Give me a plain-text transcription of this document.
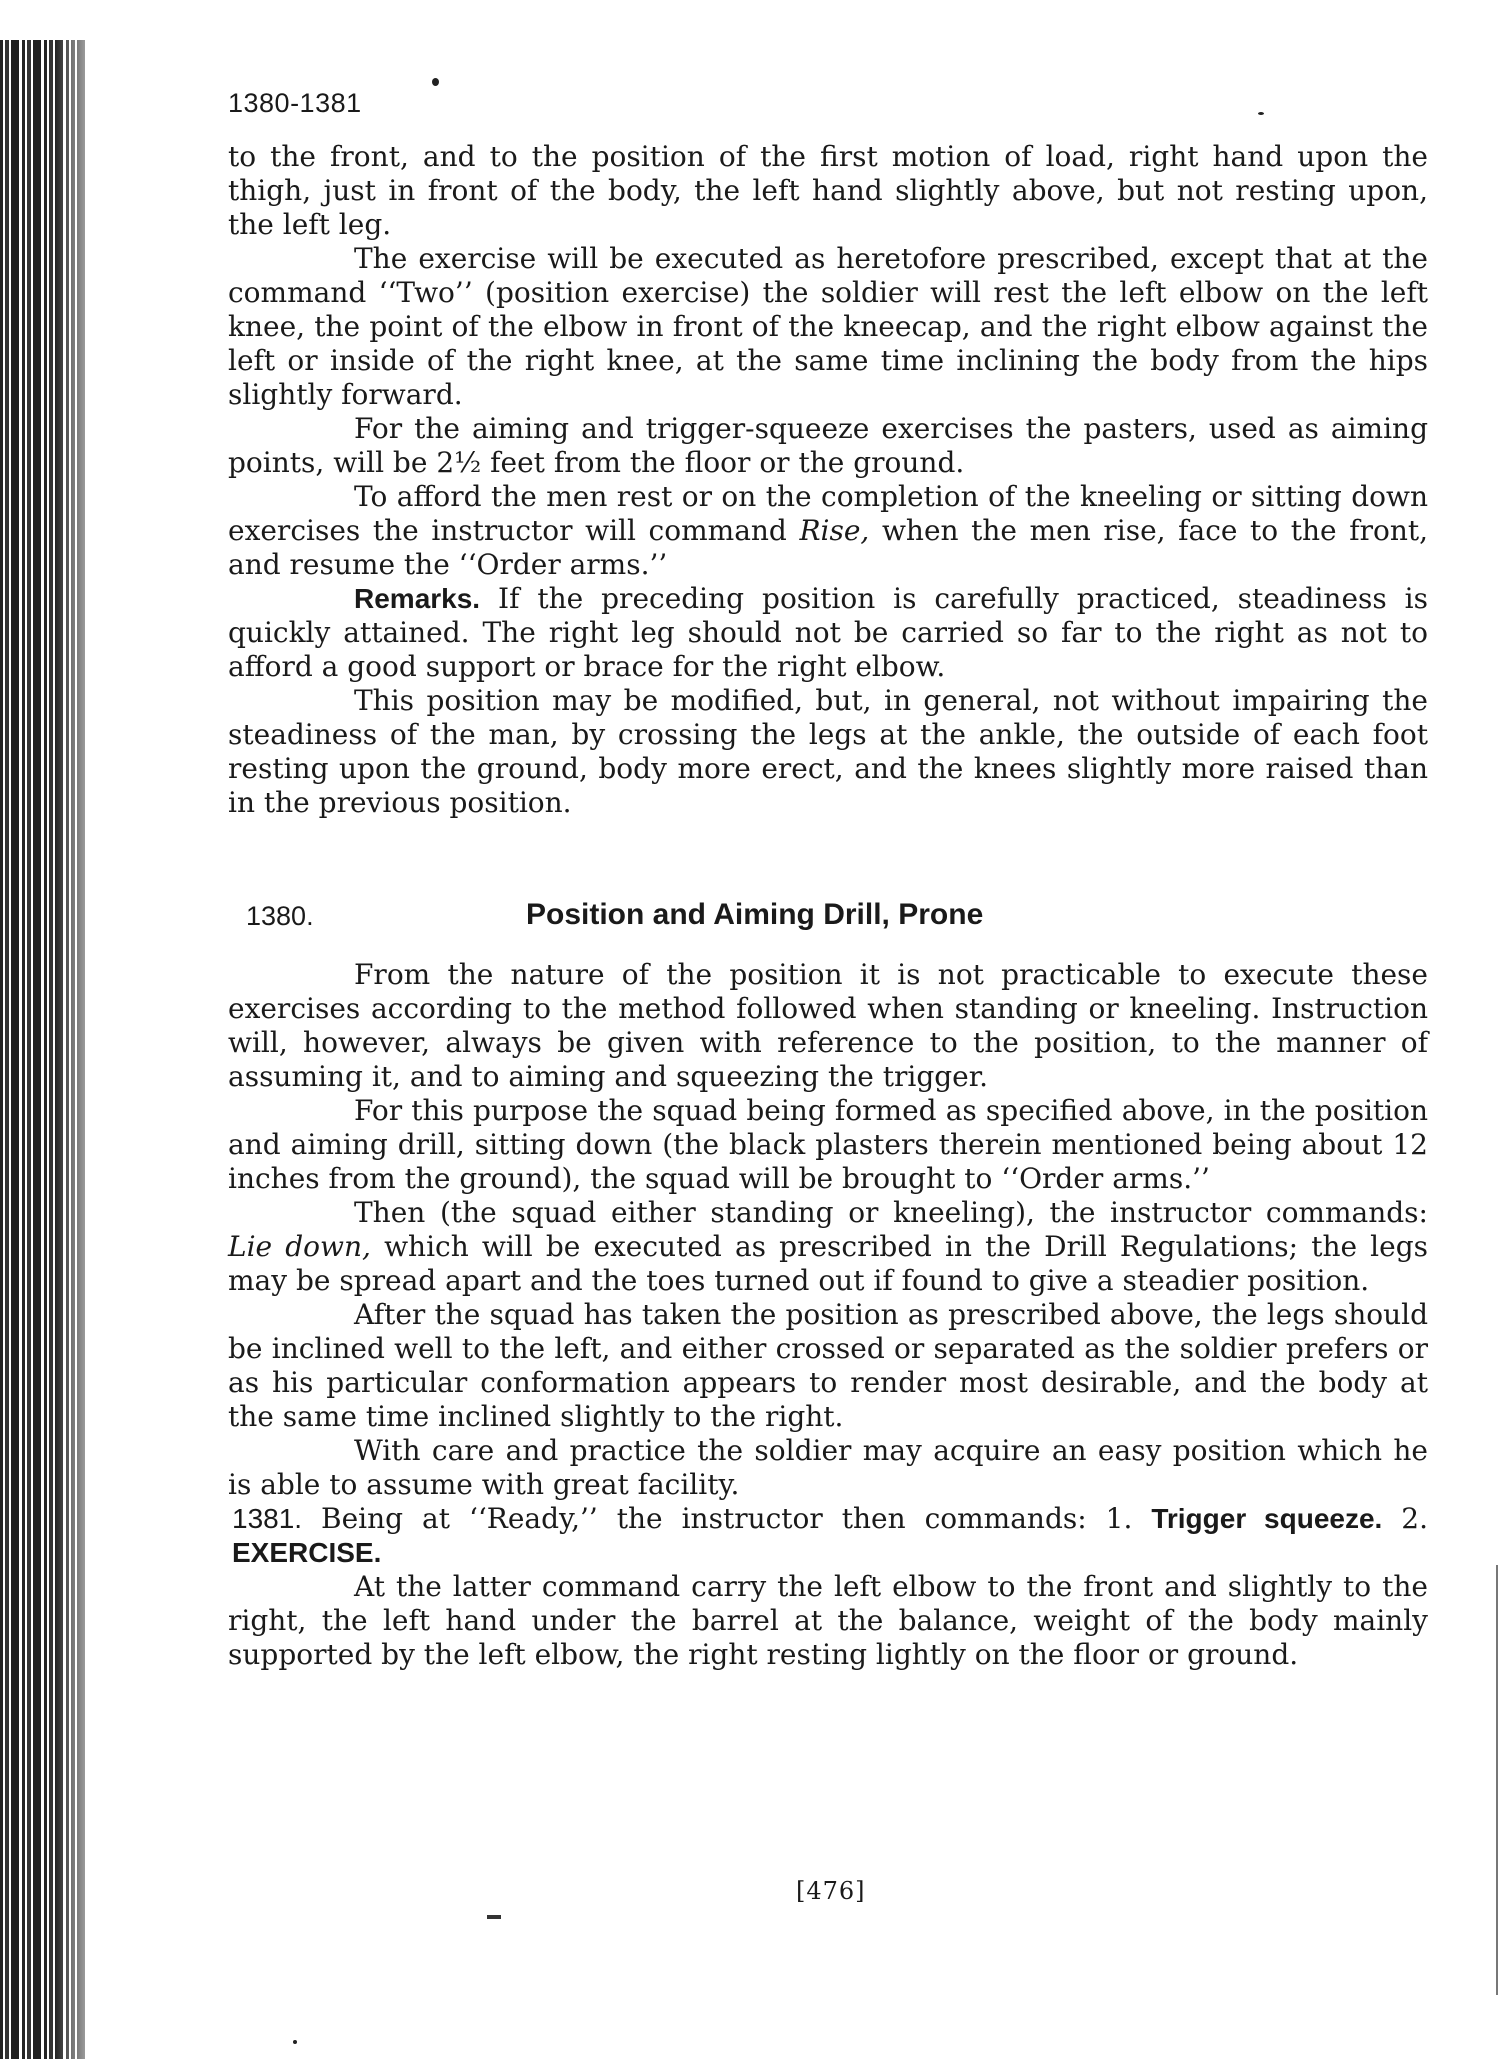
1380-1381

to the front, and to the position of the first motion of load, right hand upon the thigh, just in front of the body, the left hand slightly above, but not resting upon, the left leg.

The exercise will be executed as heretofore prescribed, except that at the command ‘‘Two’’ (position exercise) the soldier will rest the left elbow on the left knee, the point of the elbow in front of the kneecap, and the right elbow against the left or inside of the right knee, at the same time inclining the body from the hips slightly forward.

For the aiming and trigger-squeeze exercises the pasters, used as aiming points, will be 2½ feet from the floor or the ground.

To afford the men rest or on the completion of the kneeling or sitting down exercises the instructor will command Rise, when the men rise, face to the front, and resume the ‘‘Order arms.’’

Remarks. If the preceding position is carefully practiced, steadiness is quickly attained. The right leg should not be carried so far to the right as not to afford a good support or brace for the right elbow.

This position may be modified, but, in general, not without impairing the steadiness of the man, by crossing the legs at the ankle, the outside of each foot resting upon the ground, body more erect, and the knees slightly more raised than in the previous position.

1380.	Position and Aiming Drill, Prone

From the nature of the position it is not practicable to execute these exercises according to the method followed when standing or kneeling. Instruction will, however, always be given with reference to the position, to the manner of assuming it, and to aiming and squeezing the trigger.

For this purpose the squad being formed as specified above, in the position and aiming drill, sitting down (the black plasters therein mentioned being about 12 inches from the ground), the squad will be brought to ‘‘Order arms.’’

Then (the squad either standing or kneeling), the instructor commands: Lie down, which will be executed as prescribed in the Drill Regulations; the legs may be spread apart and the toes turned out if found to give a steadier position.

After the squad has taken the position as prescribed above, the legs should be inclined well to the left, and either crossed or separated as the soldier prefers or as his particular conformation appears to render most desirable, and the body at the same time inclined slightly to the right.

With care and practice the soldier may acquire an easy position which he is able to assume with great facility.

1381. Being at ‘‘Ready,’’ the instructor then commands: 1. Trigger squeeze. 2. EXERCISE.

At the latter command carry the left elbow to the front and slightly to the right, the left hand under the barrel at the balance, weight of the body mainly supported by the left elbow, the right resting lightly on the floor or ground.

[476]
